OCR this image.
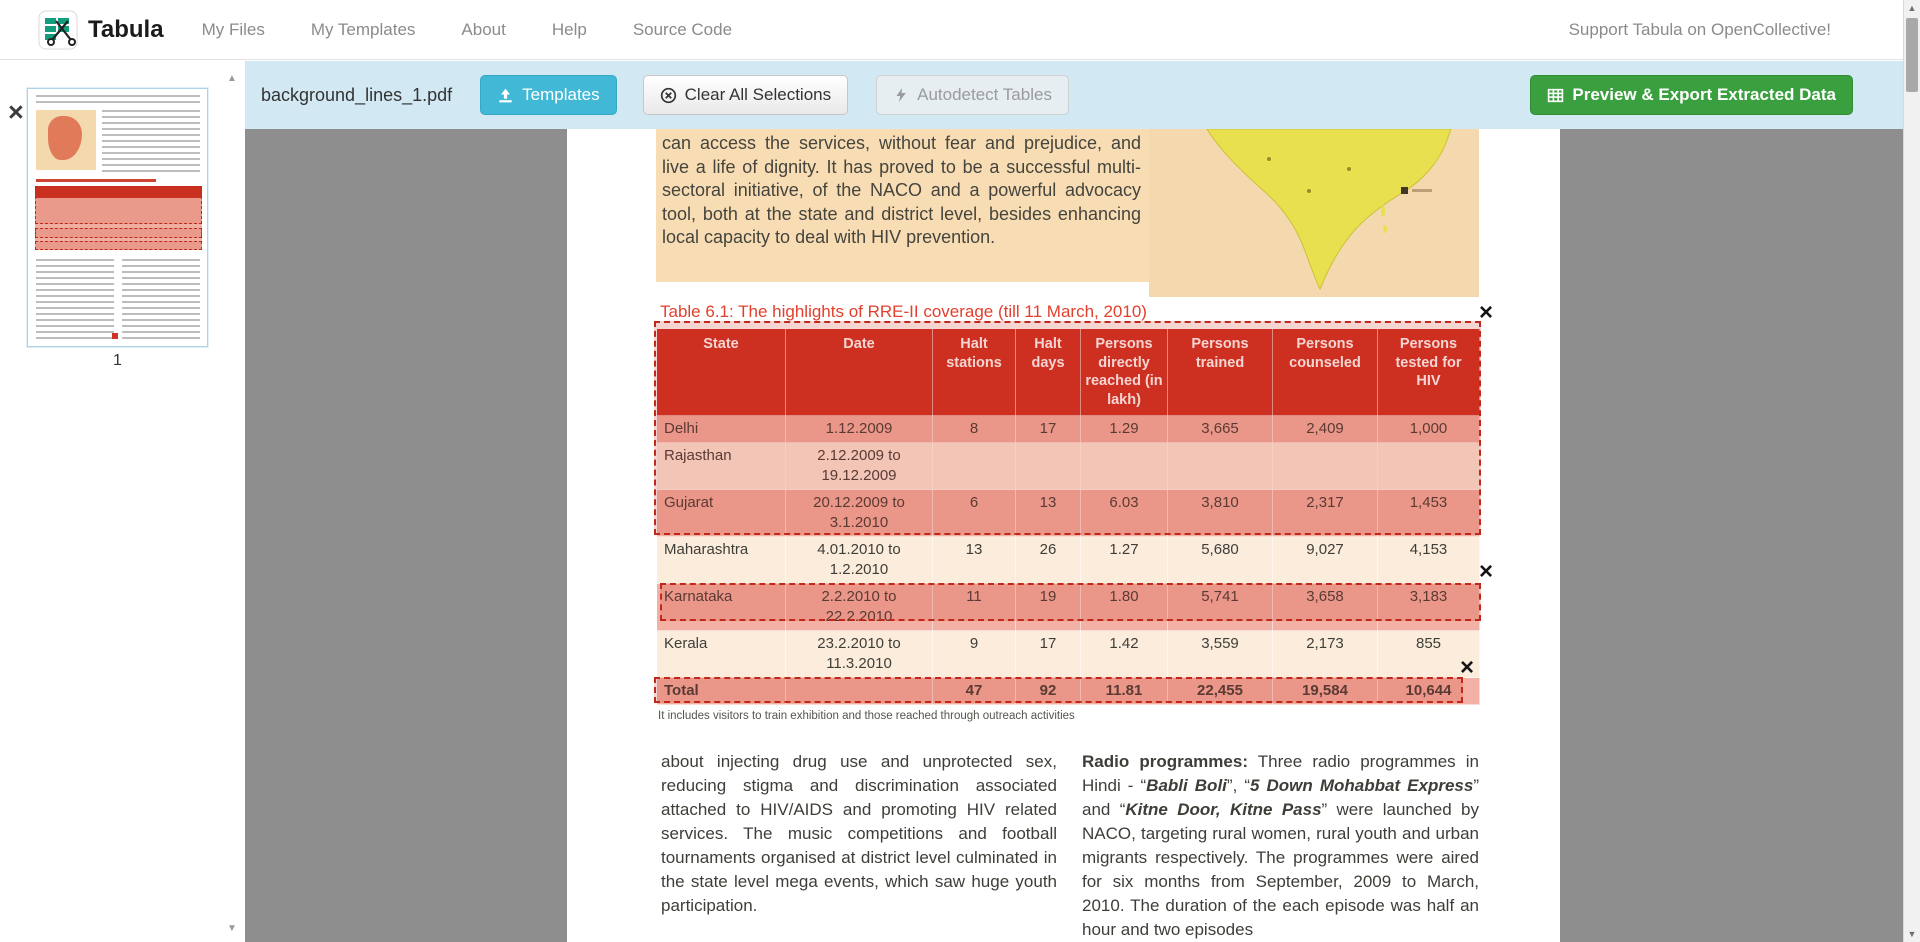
Tabula My Files	My Templates	About	Help	Source Code	Support Tabula on OpenCollective!
×
1
▲
▼
background_lines_1.pdf	Templates	Clear All Selections	Autodetect Tables	Preview & Export Extracted Data
can access the services, without fear and prejudice, and live a life of dignity. It has proved to be a successful multi-sectoral initiative, of the NACO and a powerful advocacy tool, both at the state and district level, besides enhancing local capacity to deal with HIV prevention.
Table 6.1: The highlights of RRE-II coverage (till 11 March, 2010)
State	Date	Halt stations	Halt days	Persons directly reached (in lakh)	Persons trained	Persons counseled	Persons tested for HIV
Delhi	1.12.2009	8	17	1.29	3,665	2,409	1,000
Rajasthan	2.12.2009 to 19.12.2009						
Gujarat	20.12.2009 to 3.1.2010	6	13	6.03	3,810	2,317	1,453
Maharashtra	4.01.2010 to 1.2.2010	13	26	1.27	5,680	9,027	4,153
Karnataka	2.2.2010 to 22.2.2010	11	19	1.80	5,741	3,658	3,183
Kerala	23.2.2010 to 11.3.2010	9	17	1.42	3,559	2,173	855
Total		47	92	11.81	22,455	19,584	10,644
It includes visitors to train exhibition and those reached through outreach activities
about injecting drug use and unprotected sex, reducing stigma and discrimination associated attached to HIV/AIDS and promoting HIV related services. The music competitions and football tournaments organised at district level culminated in the state level mega events, which saw huge youth participation.
Radio programmes: Three radio programmes in Hindi - “Babli Boli”, “5 Down Mohabbat Express” and “Kitne Door, Kitne Pass” were launched by NACO, targeting rural women, rural youth and urban migrants respectively. The programmes were aired for six months from September, 2009 to March, 2010. The duration of the each episode was half an hour and two episodes
×
×
×
▲
▼
